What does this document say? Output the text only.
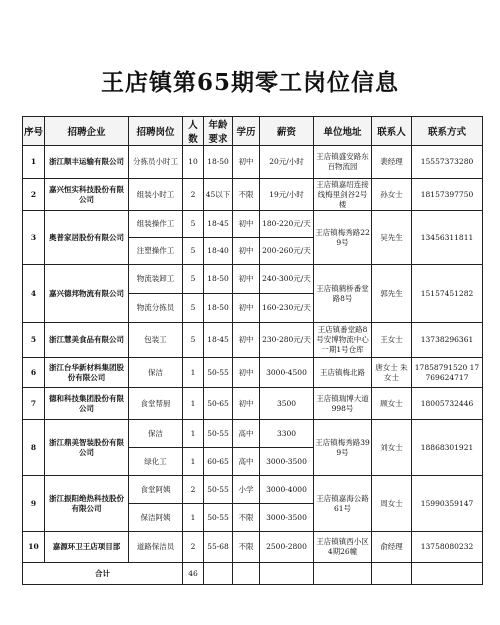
王店镇第65期零工岗位信息
序号	招聘企业	招聘岗位	人数	年龄要求	学历	薪资	单位地址	联系人	联系方式
1	浙江顺丰运输有限公司	分拣员小时工	10	18-50	初中	20元/小时	王店镇盛安路东百物流园	裴经理	15557373280
2	嘉兴恒实科技股份有限公司	组装小时工	2	45以下	不限	19元/小时	王店镇嘉绍连接线梅里剑谷2号楼	孙女士	18157397750
3	奥普家居股份有限公司	组装操作工	5	18-45	初中	180-220元/天	王店镇梅秀路229号	吴先生	13456311811
		注塑操作工	5	18-40	初中	200-260元/天			
4	嘉兴德邦物流有限公司	物流装卸工	5	18-50	初中	240-300元/天	王店镇鹤桥番堂路8号	郭先生	15157451282
		物流分拣员	5	18-50	初中	160-230元/天			
5	浙江慧美食品有限公司	包装工	5	18-45	初中	230-280元/天	王店镇番堂路8号安博物流中心一期1号仓库	王女士	13738296361
6	浙江台华新材料集团股份有限公司	保洁	1	50-55	初中	3000-4500	王店镇梅北路	唐女士 朱女士	17858791520 17769624717
7	德和科技集团股份有限公司	食堂帮厨	1	50-65	初中	3500	王店镇瑞博大道998号	顾女士	18005732446
8	浙江鼎美智装股份有限公司	保洁	1	50-55	高中	3300	王店镇梅秀路399号	刘女士	18868301921
		绿化工	1	60-65	高中	3000-3500			
9	浙江振阳绝热科技股份有限公司	食堂阿姨	2	50-55	小学	3000-4000	王店镇嘉海公路61号	周女士	15990359147
		保洁阿姨	1	50-55	不限	3000-3500			
10	嘉源环卫王店项目部	道路保洁员	2	55-68	不限	2500-2800	王店镇镇西小区4期26幢	俞经理	13758080232
合计			46						
